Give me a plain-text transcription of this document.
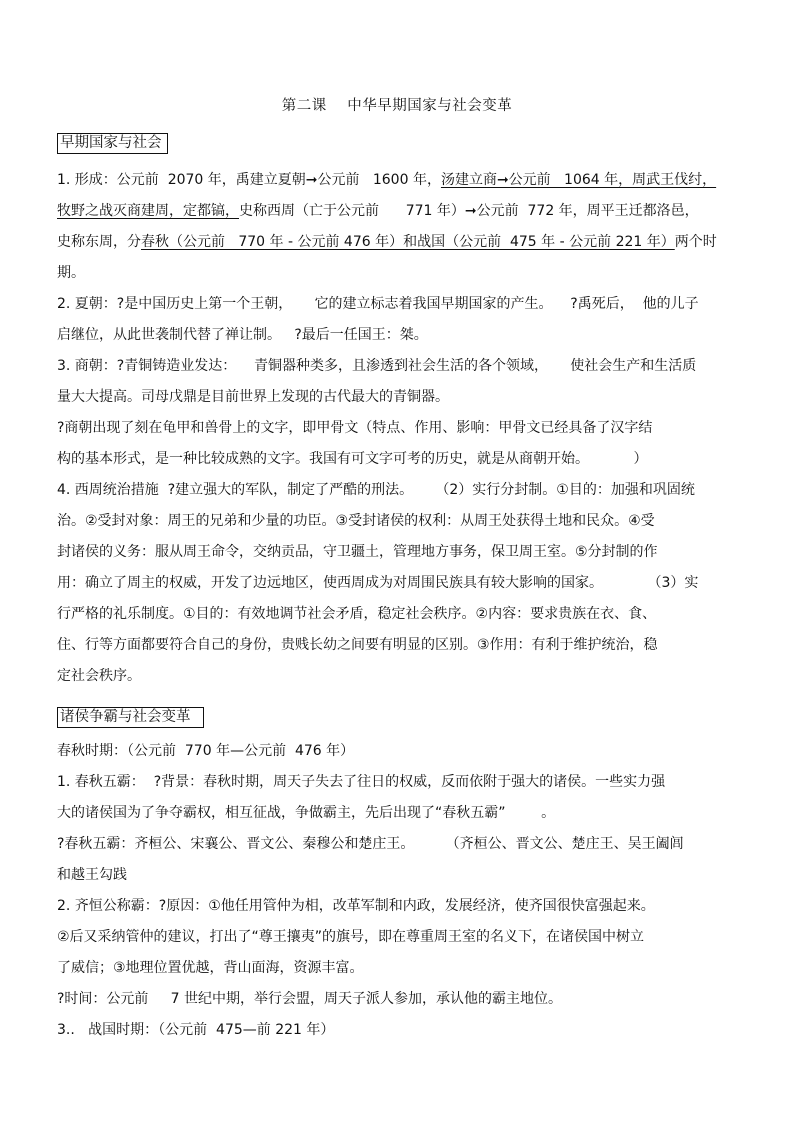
第二课    中华早期国家与社会变革
早期国家与社会

1. 形成：公元前  2070 年，禹建立夏朝➞公元前   1600 年，汤建立商➞公元前   1064 年，周武王伐纣，

牧野之战灭商建周，定都镐，史称西周（亡于公元前      771 年）➞公元前  772 年，周平王迁都洛邑，

史称东周，分春秋（公元前   770 年 - 公元前 476 年）和战国（公元前  475 年 - 公元前 221 年）两个时

期。

2. 夏朝：?是中国历史上第一个王朝，     它的建立标志着我国早期国家的产生。    ?禹死后，  他的儿子

启继位，从此世袭制代替了禅让制。   ?最后一任国王：桀。

3. 商朝：?青铜铸造业发达：    青铜器种类多，且渗透到社会生活的各个领域，     使社会生产和生活质

量大大提高。司母戊鼎是目前世界上发现的古代最大的青铜器。

?商朝出现了刻在龟甲和兽骨上的文字，即甲骨文（特点、作用、影响：甲骨文已经具备了汉字结

构的基本形式，是一种比较成熟的文字。我国有可文字可考的历史，就是从商朝开始。          ）

4. 西周统治措施  ?建立强大的军队，制定了严酷的刑法。     （2）实行分封制。①目的：加强和巩固统

治。②受封对象：周王的兄弟和少量的功臣。③受封诸侯的权利：从周王处获得土地和民众。④受

封诸侯的义务：服从周王命令，交纳贡品，守卫疆土，管理地方事务，保卫周王室。⑤分封制的作

用：确立了周主的权威，开发了边远地区，使西周成为对周围民族具有较大影响的国家。          （3）实

行严格的礼乐制度。①目的：有效地调节社会矛盾，稳定社会秩序。②内容：要求贵族在衣、食、

住、行等方面都要符合自己的身份，贵贱长幼之间要有明显的区别。③作用：有利于维护统治，稳

定社会秩序。

诸侯争霸与社会变革

春秋时期：（公元前  770 年—公元前  476 年）

1. 春秋五霸：  ?背景：春秋时期，周天子失去了往日的权威，反而依附于强大的诸侯。一些实力强

大的诸侯国为了争夺霸权，相互征战，争做霸主，先后出现了“春秋五霸”        。

?春秋五霸：齐桓公、宋襄公、晋文公、秦穆公和楚庄王。       （齐桓公、晋文公、楚庄王、吴王阖闾

和越王勾践

2. 齐恒公称霸：?原因：①他任用管仲为相，改革军制和内政，发展经济，使齐国很快富强起来。

②后又采纳管仲的建议，打出了“尊王攘夷”的旗号，即在尊重周王室的名义下，在诸侯国中树立

了威信；③地理位置优越，背山面海，资源丰富。

?时间：公元前     7 世纪中期，举行会盟，周天子派人参加，承认他的霸主地位。

3..   战国时期：（公元前  475—前 221 年）
